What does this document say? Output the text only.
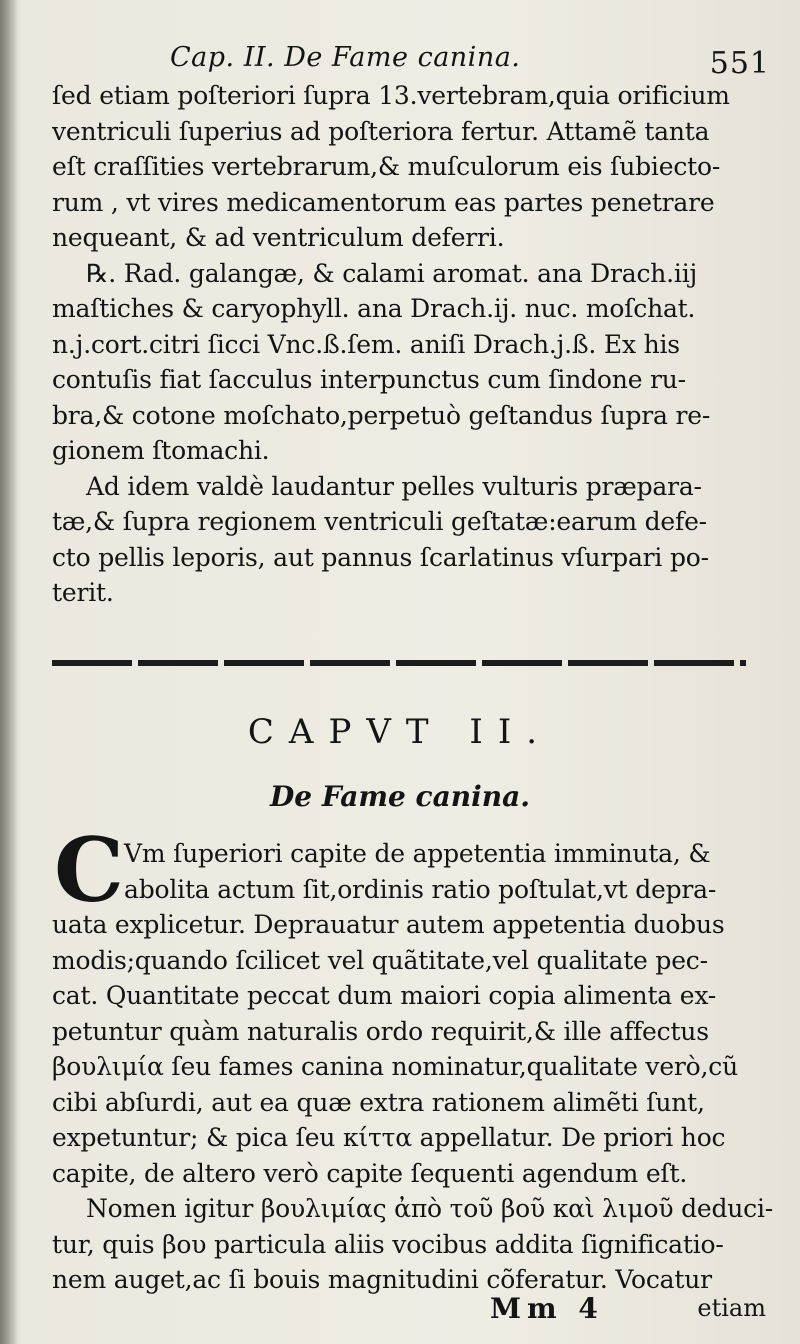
Cap. II. De Fame canina.	551
ſed etiam poſteriori ſupra 13.vertebram,quia orificium
ventriculi ſuperius ad poſteriora fertur. Attamẽ tanta
eſt craſſities vertebrarum,& muſculorum eis ſubiecto-
rum , vt vires medicamentorum eas partes penetrare
nequeant, & ad ventriculum deferri.
℞. Rad. galangæ, & calami aromat. ana Drach.iij
maſtiches & caryophyll. ana Drach.ij. nuc. moſchat.
n.j.cort.citri ſicci Vnc.ß.ſem. aniſi Drach.j.ß. Ex his
contuſis fiat ſacculus interpunctus cum ſindone ru-
bra,& cotone moſchato,perpetuò geſtandus ſupra re-
gionem ſtomachi.
Ad idem valdè laudantur pelles vulturis præpara-
tæ,& ſupra regionem ventriculi geſtatæ:earum defe-
cto pellis leporis, aut pannus ſcarlatinus vſurpari po-
terit.
CAPVT II.
De Fame canina.
C Vm ſuperiori capite de appetentia imminuta, &
abolita actum ſit,ordinis ratio poſtulat,vt depra-
uata explicetur. Deprauatur autem appetentia duobus
modis;quando ſcilicet vel quãtitate,vel qualitate pec-
cat. Quantitate peccat dum maiori copia alimenta ex-
petuntur quàm naturalis ordo requirit,& ille affectus
βουλιμία ſeu fames canina nominatur,qualitate verò,cũ
cibi abſurdi, aut ea quæ extra rationem alimẽti ſunt,
expetuntur; & pica ſeu κίττα appellatur. De priori hoc
capite, de altero verò capite ſequenti agendum eſt.
Nomen igitur βουλιμίας ἀπὸ τοῦ βοῦ καὶ λιμοῦ deduci-
tur, quis βου particula aliis vocibus addita ſignificatio-
nem auget,ac ſi bouis magnitudini cõferatur. Vocatur
Mm 4	etiam
